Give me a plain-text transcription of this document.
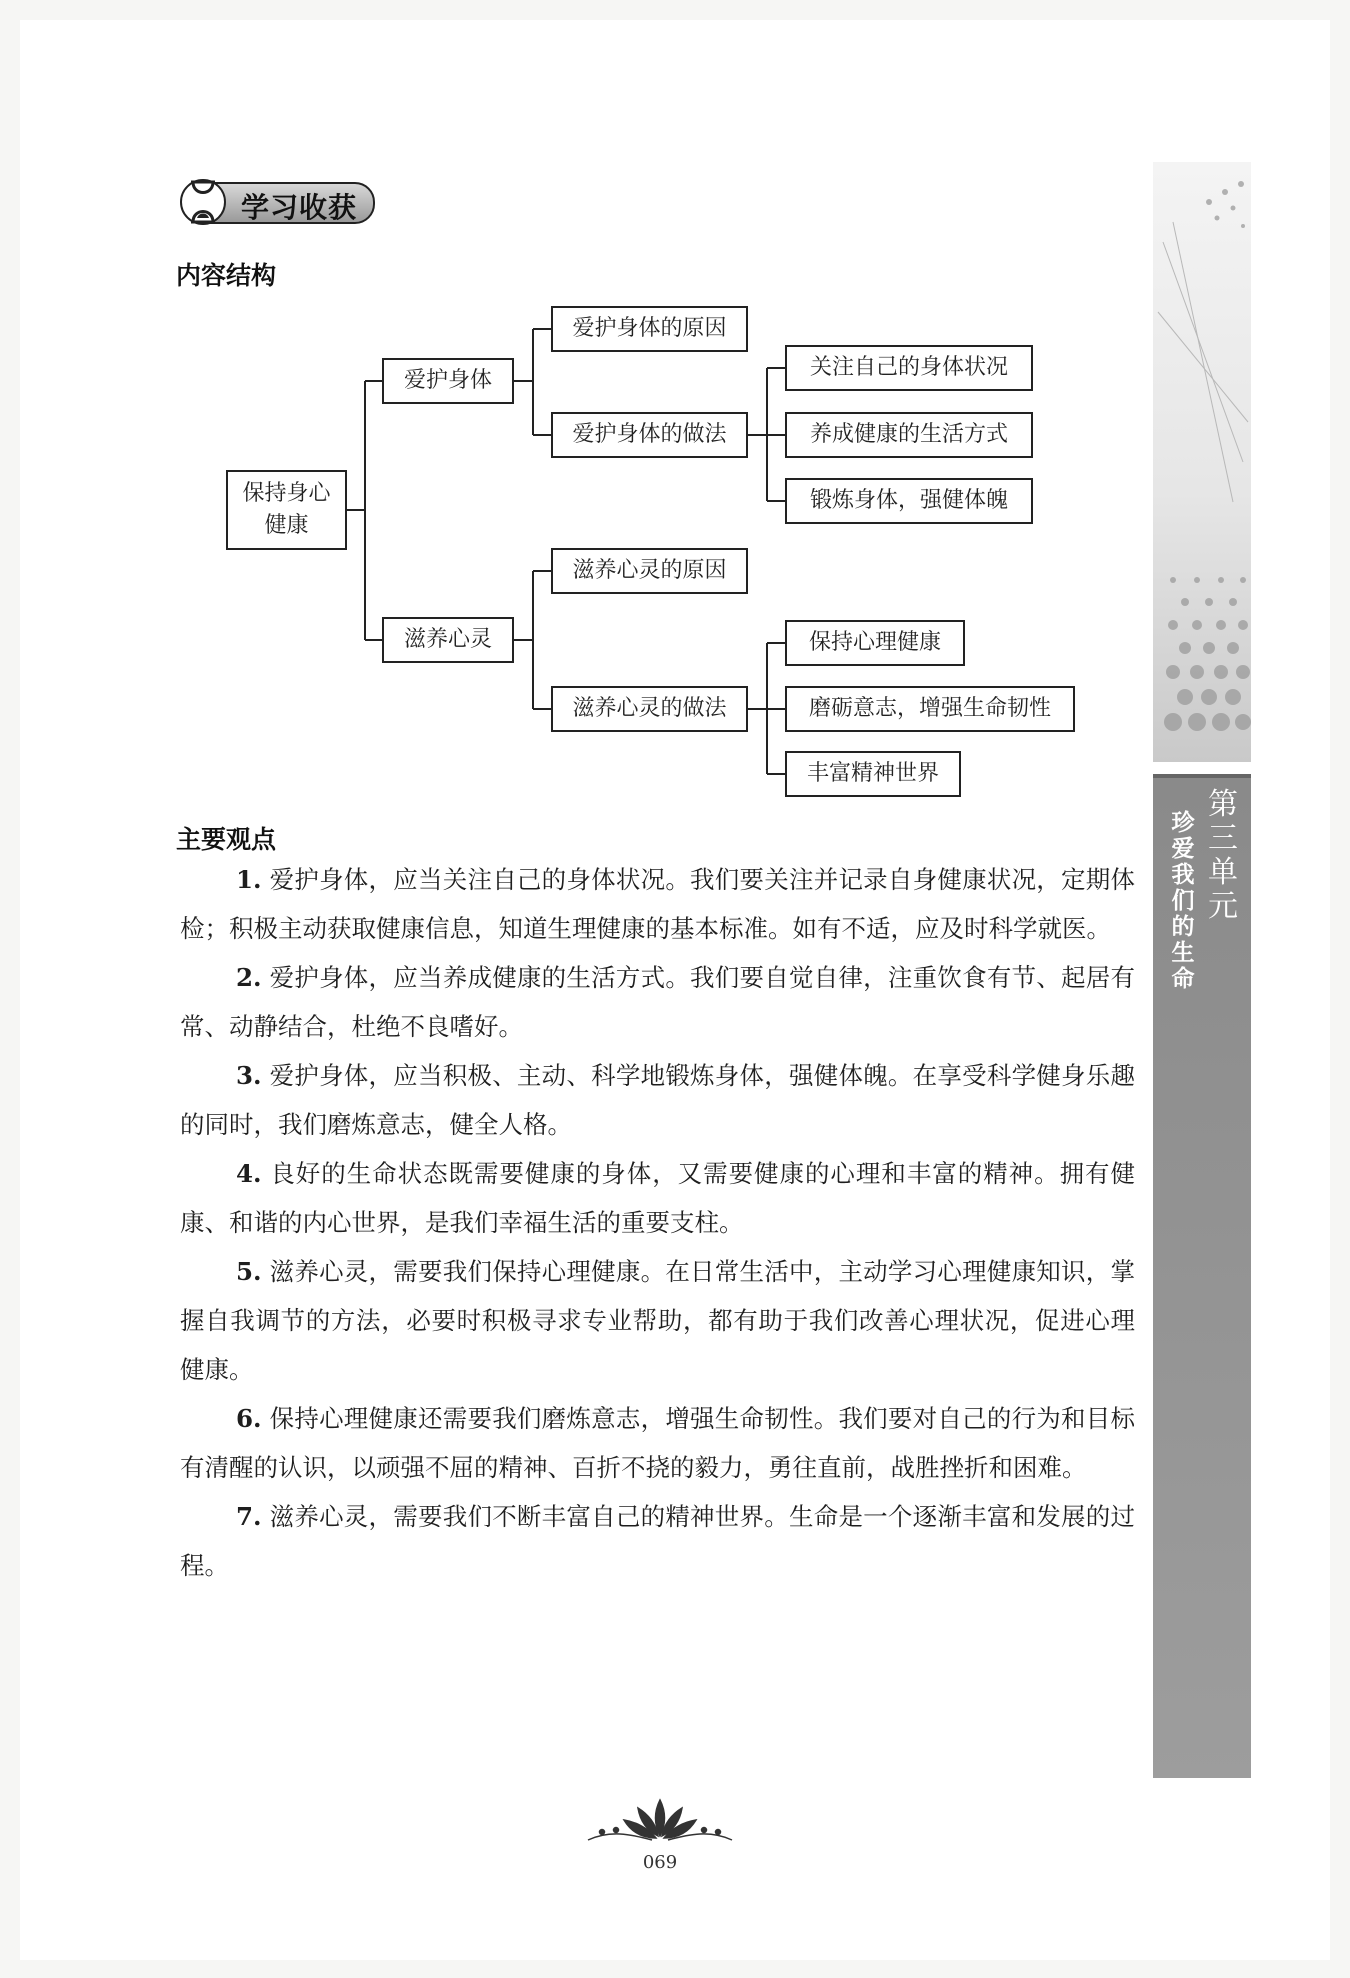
第三单元
珍爱我们的生命
学习收获
内容结构
保持身心健康
爱护身体
滋养心灵
爱护身体的原因
爱护身体的做法
关注自己的身体状况
养成健康的生活方式
锻炼身体，强健体魄
滋养心灵的原因
滋养心灵的做法
保持心理健康
磨砺意志，增强生命韧性
丰富精神世界
主要观点

1. 爱护身体，应当关注自己的身体状况。我们要关注并记录自身健康状况，定期体检；积极主动获取健康信息，知道生理健康的基本标准。如有不适，应及时科学就医。

2. 爱护身体，应当养成健康的生活方式。我们要自觉自律，注重饮食有节、起居有常、动静结合，杜绝不良嗜好。

3. 爱护身体，应当积极、主动、科学地锻炼身体，强健体魄。在享受科学健身乐趣的同时，我们磨炼意志，健全人格。

4. 良好的生命状态既需要健康的身体，又需要健康的心理和丰富的精神。拥有健康、和谐的内心世界，是我们幸福生活的重要支柱。

5. 滋养心灵，需要我们保持心理健康。在日常生活中，主动学习心理健康知识，掌握自我调节的方法，必要时积极寻求专业帮助，都有助于我们改善心理状况，促进心理健康。

6. 保持心理健康还需要我们磨炼意志，增强生命韧性。我们要对自己的行为和目标有清醒的认识，以顽强不屈的精神、百折不挠的毅力，勇往直前，战胜挫折和困难。

7. 滋养心灵，需要我们不断丰富自己的精神世界。生命是一个逐渐丰富和发展的过程。

069
